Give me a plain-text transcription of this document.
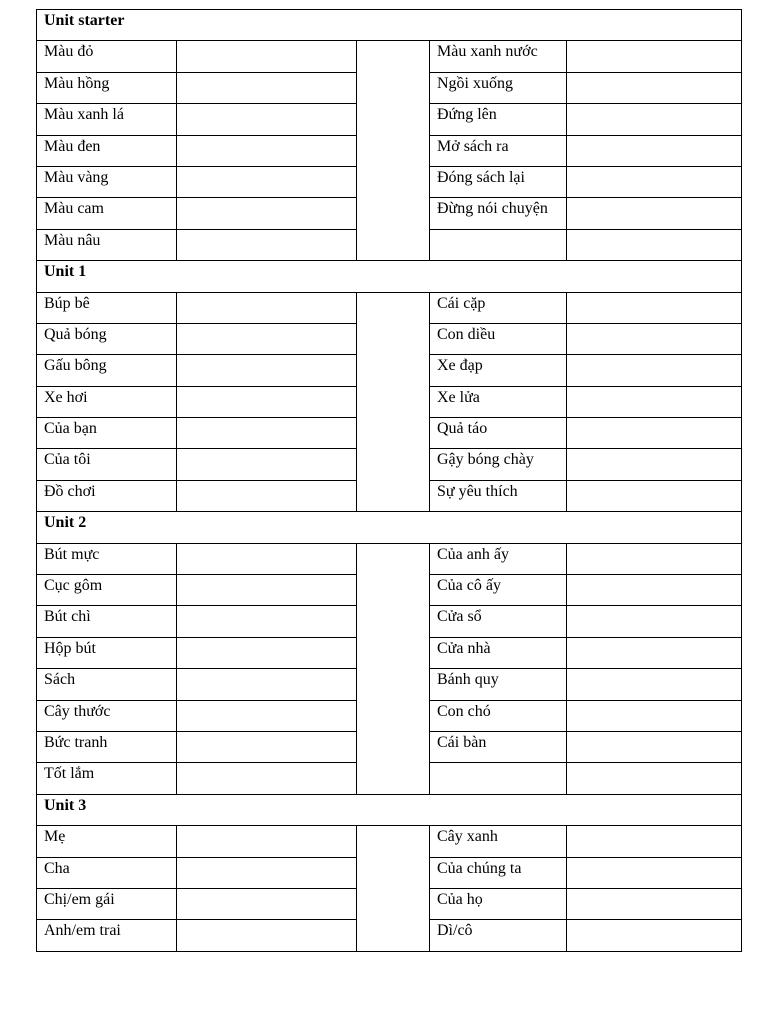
Unit starter				
Màu đỏ			Màu xanh nước	
Màu hồng			Ngồi xuống	
Màu xanh lá			Đứng lên	
Màu đen			Mở sách ra	
Màu vàng			Đóng sách lại	
Màu cam			Đừng nói chuyện	
Màu nâu				
Unit 1				
Búp bê			Cái cặp	
Quả bóng			Con diều	
Gấu bông			Xe đạp	
Xe hơi			Xe lửa	
Của bạn			Quả táo	
Của tôi			Gậy bóng chày	
Đồ chơi			Sự yêu thích	
Unit 2				
Bút mực			Của anh ấy	
Cục gôm			Của cô ấy	
Bút chì			Cửa sổ	
Hộp bút			Cửa nhà	
Sách			Bánh quy	
Cây thước			Con chó	
Bức tranh			Cái bàn	
Tốt lắm				
Unit 3				
Mẹ			Cây xanh	
Cha			Của chúng ta	
Chị/em gái			Của họ	
Anh/em trai			Dì/cô	
